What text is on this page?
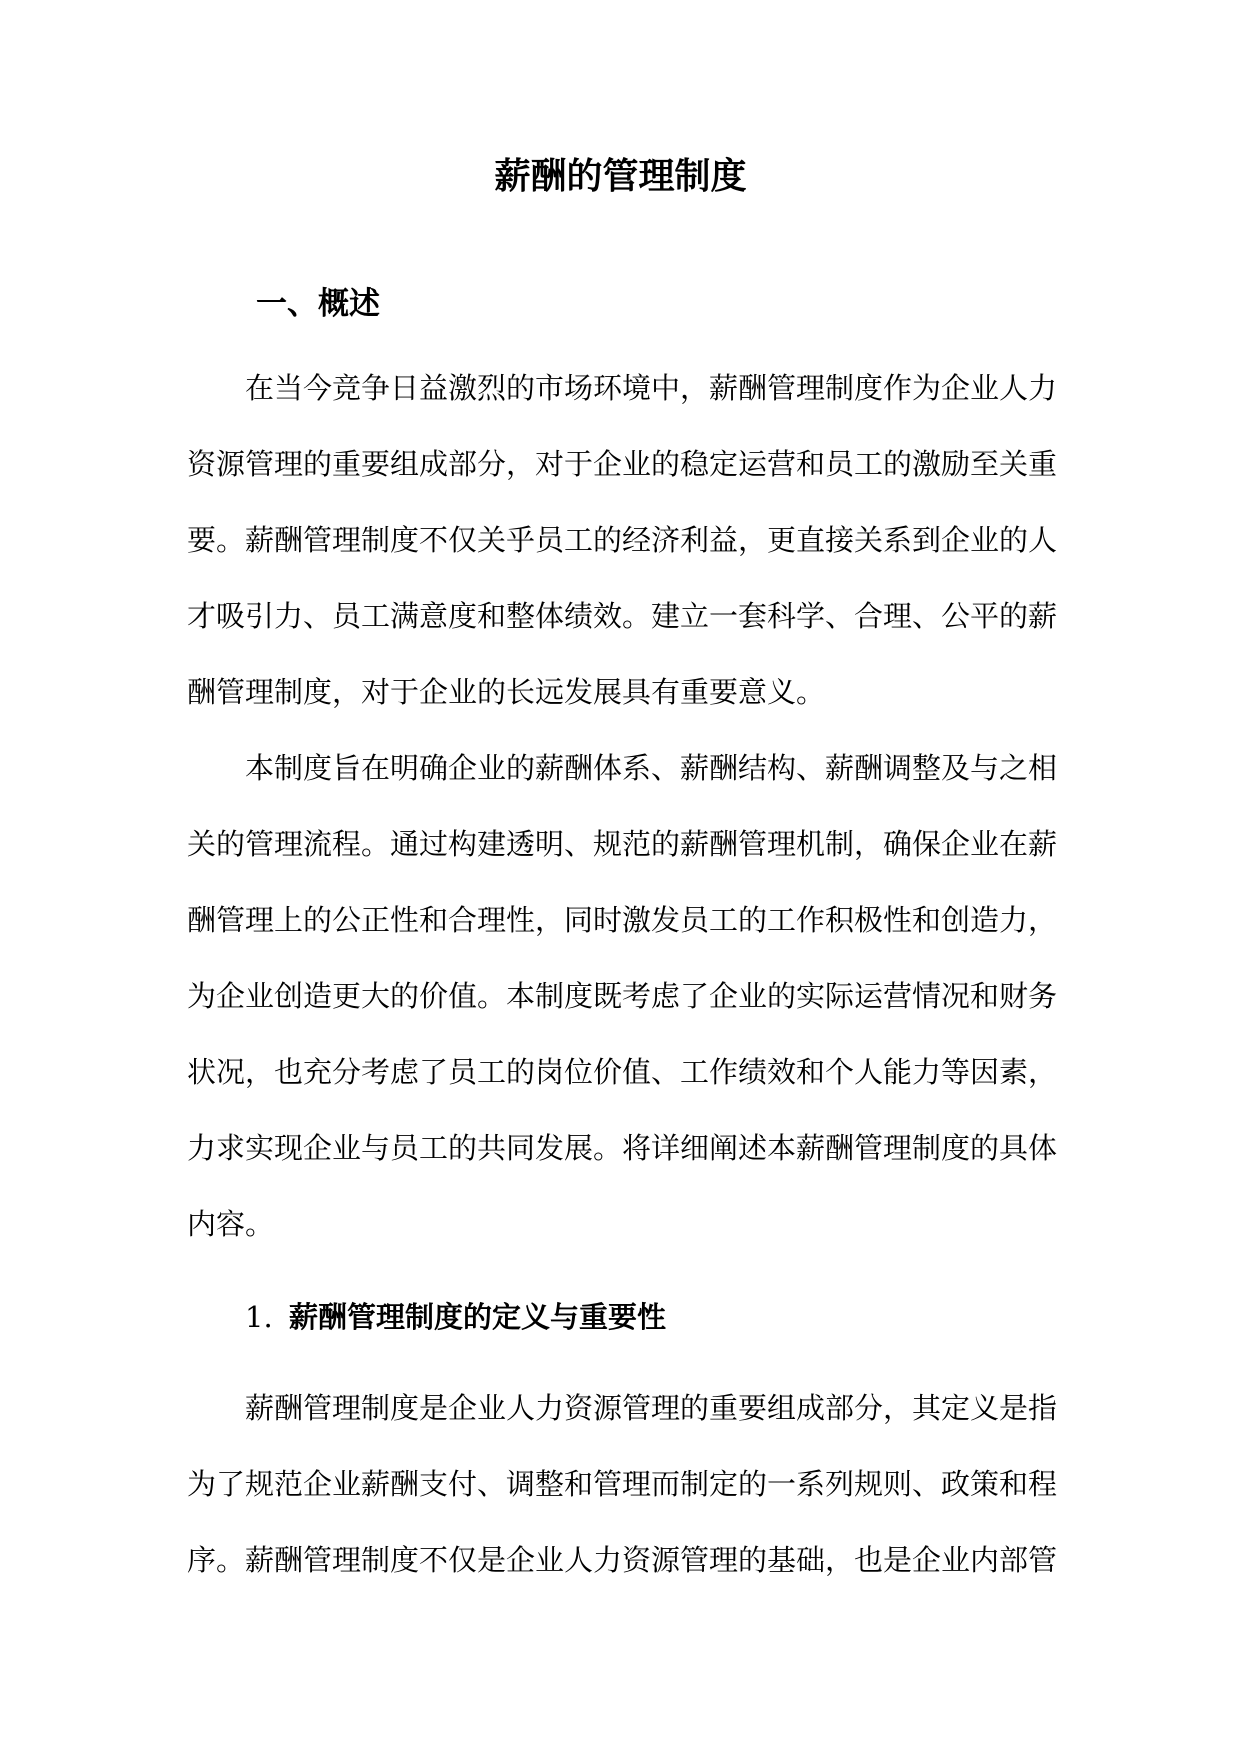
薪酬的管理制度
一、概述

在当今竞争日益激烈的市场环境中，薪酬管理制度作为企业人力资源管理的重要组成部分，对于企业的稳定运营和员工的激励至关重要。薪酬管理制度不仅关乎员工的经济利益，更直接关系到企业的人才吸引力、员工满意度和整体绩效。建立一套科学、合理、公平的薪酬管理制度，对于企业的长远发展具有重要意义。

本制度旨在明确企业的薪酬体系、薪酬结构、薪酬调整及与之相关的管理流程。通过构建透明、规范的薪酬管理机制，确保企业在薪酬管理上的公正性和合理性，同时激发员工的工作积极性和创造力，为企业创造更大的价值。本制度既考虑了企业的实际运营情况和财务状况，也充分考虑了员工的岗位价值、工作绩效和个人能力等因素，力求实现企业与员工的共同发展。将详细阐述本薪酬管理制度的具体内容。

1. 薪酬管理制度的定义与重要性

薪酬管理制度是企业人力资源管理的重要组成部分，其定义是指为了规范企业薪酬支付、调整和管理而制定的一系列规则、政策和程序。薪酬管理制度不仅是企业人力资源管理的基础，也是企业内部管
